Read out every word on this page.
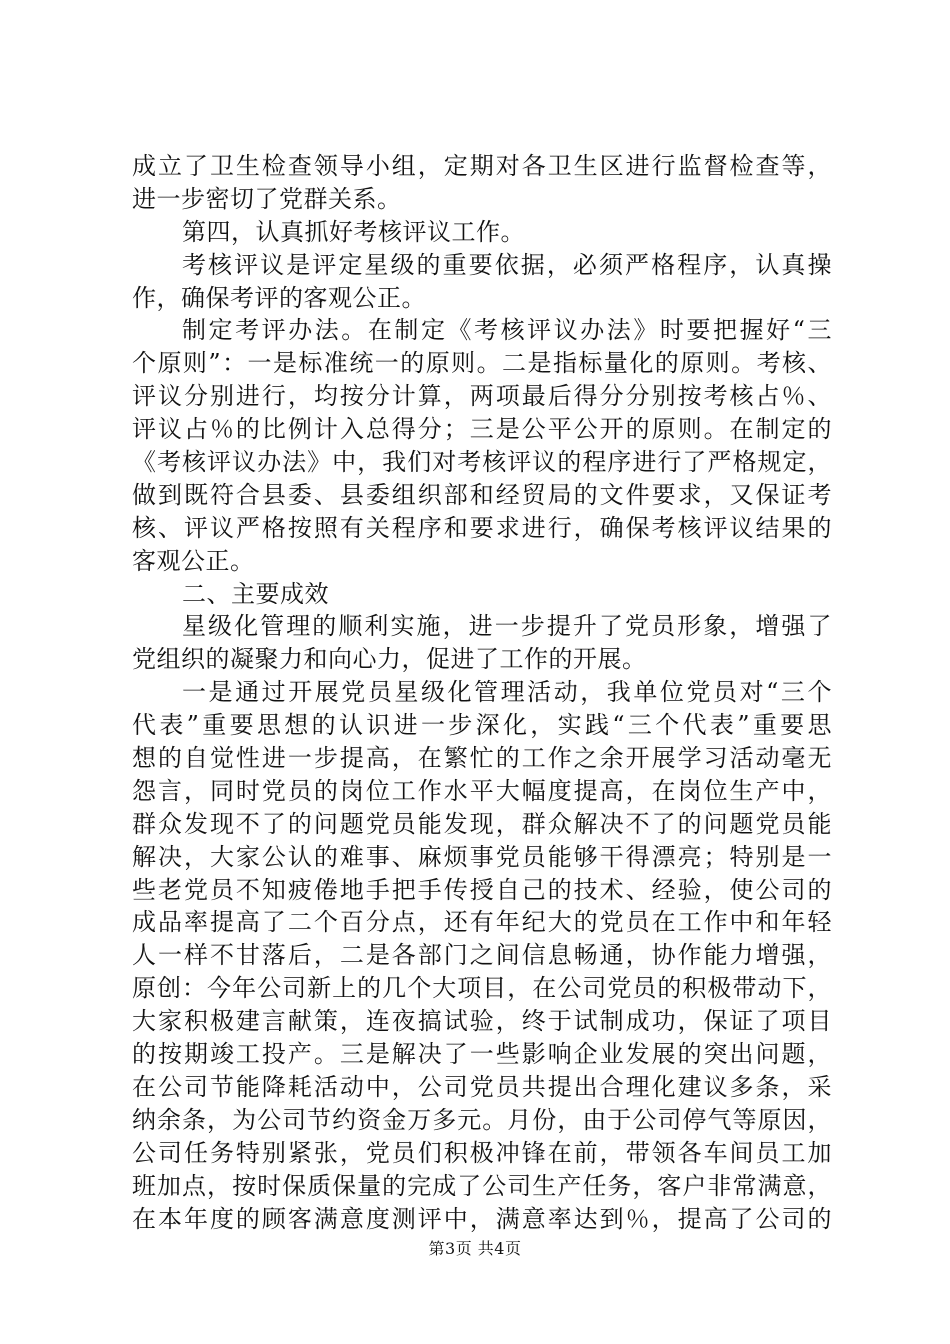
成立了卫生检查领导小组，定期对各卫生区进行监督检查等，
进一步密切了党群关系。
第四，认真抓好考核评议工作。
考核评议是评定星级的重要依据，必须严格程序，认真操
作，确保考评的客观公正。
制定考评办法。在制定《考核评议办法》时要把握好“三
个原则”：一是标准统一的原则。二是指标量化的原则。考核、
评议分别进行，均按分计算，两项最后得分分别按考核占％、
评议占％的比例计入总得分；三是公平公开的原则。在制定的
《考核评议办法》中，我们对考核评议的程序进行了严格规定，
做到既符合县委、县委组织部和经贸局的文件要求，又保证考
核、评议严格按照有关程序和要求进行，确保考核评议结果的
客观公正。
二、主要成效
星级化管理的顺利实施，进一步提升了党员形象，增强了
党组织的凝聚力和向心力，促进了工作的开展。
一是通过开展党员星级化管理活动，我单位党员对“三个
代表”重要思想的认识进一步深化，实践“三个代表”重要思
想的自觉性进一步提高，在繁忙的工作之余开展学习活动毫无
怨言，同时党员的岗位工作水平大幅度提高，在岗位生产中，
群众发现不了的问题党员能发现，群众解决不了的问题党员能
解决，大家公认的难事、麻烦事党员能够干得漂亮；特别是一
些老党员不知疲倦地手把手传授自己的技术、经验，使公司的
成品率提高了二个百分点，还有年纪大的党员在工作中和年轻
人一样不甘落后，二是各部门之间信息畅通，协作能力增强，
原创：今年公司新上的几个大项目，在公司党员的积极带动下，
大家积极建言献策，连夜搞试验，终于试制成功，保证了项目
的按期竣工投产。三是解决了一些影响企业发展的突出问题，
在公司节能降耗活动中，公司党员共提出合理化建议多条，采
纳余条，为公司节约资金万多元。月份，由于公司停气等原因，
公司任务特别紧张，党员们积极冲锋在前，带领各车间员工加
班加点，按时保质保量的完成了公司生产任务，客户非常满意，
在本年度的顾客满意度测评中，满意率达到％，提高了公司的
第3页 共4页
